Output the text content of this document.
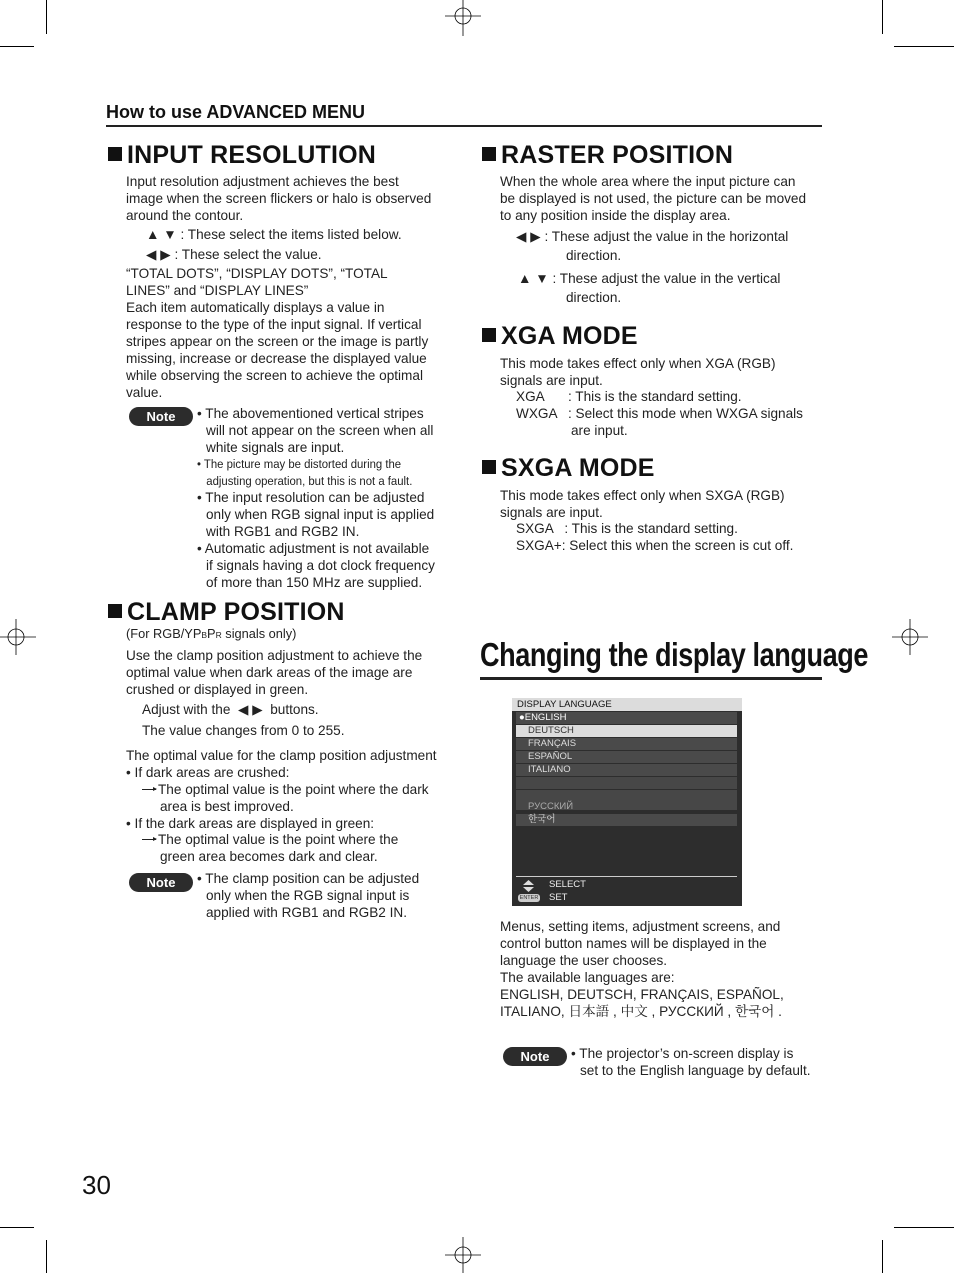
How to use ADVANCED MENU
INPUT RESOLUTION
Input resolution adjustment achieves the best
image when the screen flickers or halo is observed
around the contour.
▲ ▼ : These select the items listed below.
◀ ▶ : These select the value.
“TOTAL DOTS”, “DISPLAY DOTS”, “TOTAL
LINES” and “DISPLAY LINES”
Each item automatically displays a value in
response to the type of the input signal. If vertical
stripes appear on the screen or the image is partly
missing, increase or decrease the displayed value
while observing the screen to achieve the optimal
value.
Note	• The abovementioned vertical stripes
will not appear on the screen when all
white signals are input.
• The picture may be distorted during the
adjusting operation, but this is not a fault.
• The input resolution can be adjusted
only when RGB signal input is applied
with RGB1 and RGB2 IN.
• Automatic adjustment is not available
if signals having a dot clock frequency
of more than 150 MHz are supplied.
CLAMP POSITION
(For RGB/YPBPR signals only)
Use the clamp position adjustment to achieve the
optimal value when dark areas of the image are
crushed or displayed in green.
Adjust with the ◀ ▶ buttons.
The value changes from 0 to 255.
The optimal value for the clamp position adjustment
• If dark areas are crushed:
The optimal value is the point where the dark
area is best improved.
• If the dark areas are displayed in green:
The optimal value is the point where the
green area becomes dark and clear.
Note	• The clamp position can be adjusted
only when the RGB signal input is
applied with RGB1 and RGB2 IN.
RASTER POSITION
When the whole area where the input picture can
be displayed is not used, the picture can be moved
to any position inside the display area.
◀ ▶ : These adjust the value in the horizontal
direction.
▲ ▼ : These adjust the value in the vertical
direction.
XGA MODE
This mode takes effect only when XGA (RGB)
signals are input.
XGA : This is the standard setting.
WXGA : Select this mode when WXGA signals
are input.
SXGA MODE
This mode takes effect only when SXGA (RGB)
signals are input.
SXGA   : This is the standard setting.
SXGA+: Select this when the screen is cut off.
Changing the display language
DISPLAY LANGUAGE
●ENGLISH
DEUTSCH
FRANÇAIS
ESPAÑOL
ITALIANO
РУССКИЙ
한국어
SELECT
ENTER SET
Menus, setting items, adjustment screens, and
control button names will be displayed in the
language the user chooses.
The available languages are:
ENGLISH, DEUTSCH, FRANÇAIS, ESPAÑOL,
ITALIANO, 日本語 , 中文 , РУССКИЙ , 한국어 .
Note	• The projector’s on-screen display is
set to the English language by default.
30
